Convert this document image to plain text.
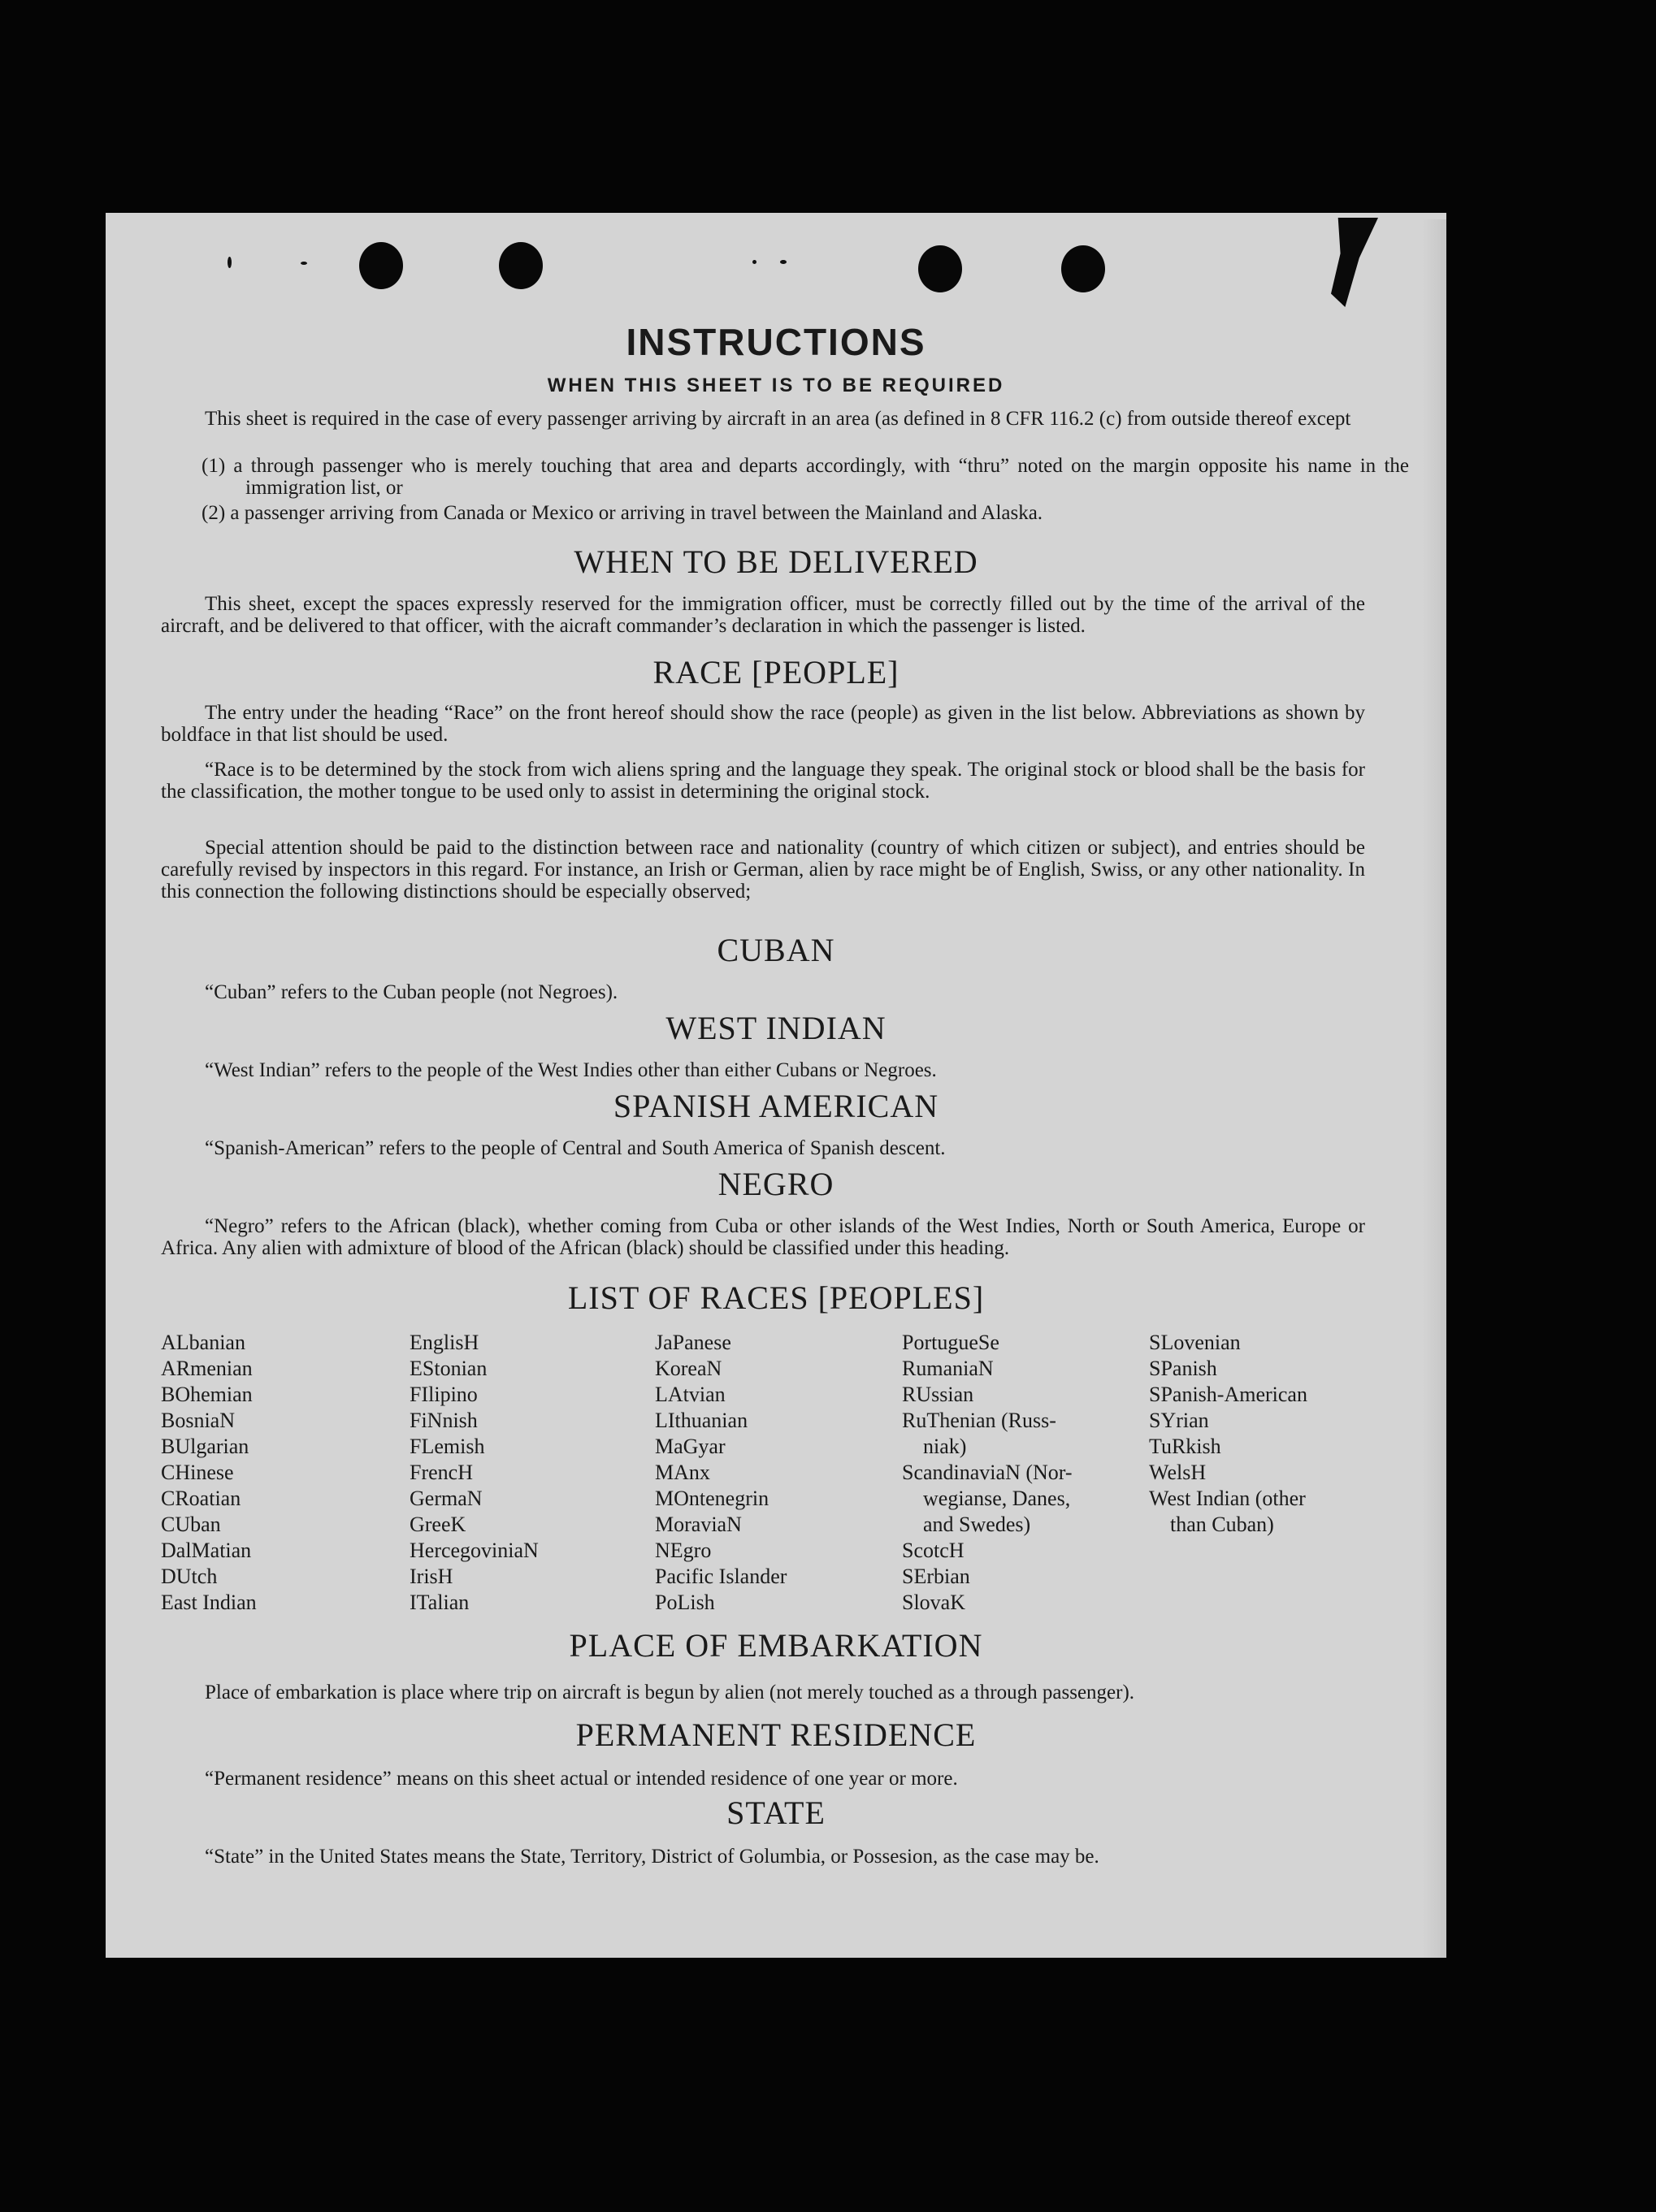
INSTRUCTIONS
WHEN THIS SHEET IS TO BE REQUIRED
This sheet is required in the case of every passenger arriving by aircraft in an area (as defined in 8 CFR 116.2 (c) from outside thereof except
(1) a through passenger who is merely touching that area and departs accordingly, with “thru” noted on the margin opposite his name in the immigration list, or
(2) a passenger arriving from Canada or Mexico or arriving in travel between the Mainland and Alaska.
WHEN TO BE DELIVERED
This sheet, except the spaces expressly reserved for the immigration officer, must be correctly filled out by the time of the arrival of the aircraft, and be delivered to that officer, with the aicraft commander’s declaration in which the passenger is listed.
RACE [PEOPLE]
The entry under the heading “Race” on the front hereof should show the race (people) as given in the list below. Abbreviations as shown by boldface in that list should be used.
“Race is to be determined by the stock from wich aliens spring and the language they speak. The original stock or blood shall be the basis for the classification, the mother tongue to be used only to assist in determining the original stock.
Special attention should be paid to the distinction between race and nationality (country of which citizen or subject), and entries should be carefully revised by inspectors in this regard. For instance, an Irish or German, alien by race might be of English, Swiss, or any other nationality. In this connection the following distinctions should be especially observed;
CUBAN
“Cuban” refers to the Cuban people (not Negroes).
WEST INDIAN
“West Indian” refers to the people of the West Indies other than either Cubans or Negroes.
SPANISH AMERICAN
“Spanish-American” refers to the people of Central and South America of Spanish descent.
NEGRO
“Negro” refers to the African (black), whether coming from Cuba or other islands of the West Indies, North or South America, Europe or Africa. Any alien with admixture of blood of the African (black) should be classified under this heading.
LIST OF RACES [PEOPLES]
ALbanian
ARmenian
BOhemian
BosniaN
BUlgarian
CHinese
CRoatian
CUban
DalMatian
DUtch
East Indian
EnglisH
EStonian
FIlipino
FiNnish
FLemish
FrencH
GermaN
GreeK
HercegoviniaN
IrisH
ITalian
JaPanese
KoreaN
LAtvian
LIthuanian
MaGyar
MAnx
MOntenegrin
MoraviaN
NEgro
Pacific Islander
PoLish
PortugueSe
RumaniaN
RUssian
RuThenian (Russ-
niak)
ScandinaviaN (Nor-
wegianse, Danes,
and Swedes)
ScotcH
SErbian
SlovaK
SLovenian
SPanish
SPanish-American
SYrian
TuRkish
WelsH
West Indian (other
than Cuban)
PLACE OF EMBARKATION
Place of embarkation is place where trip on aircraft is begun by alien (not merely touched as a through passenger).
PERMANENT RESIDENCE
“Permanent residence” means on this sheet actual or intended residence of one year or more.
STATE
“State” in the United States means the State, Territory, District of Golumbia, or Possesion, as the case may be.
